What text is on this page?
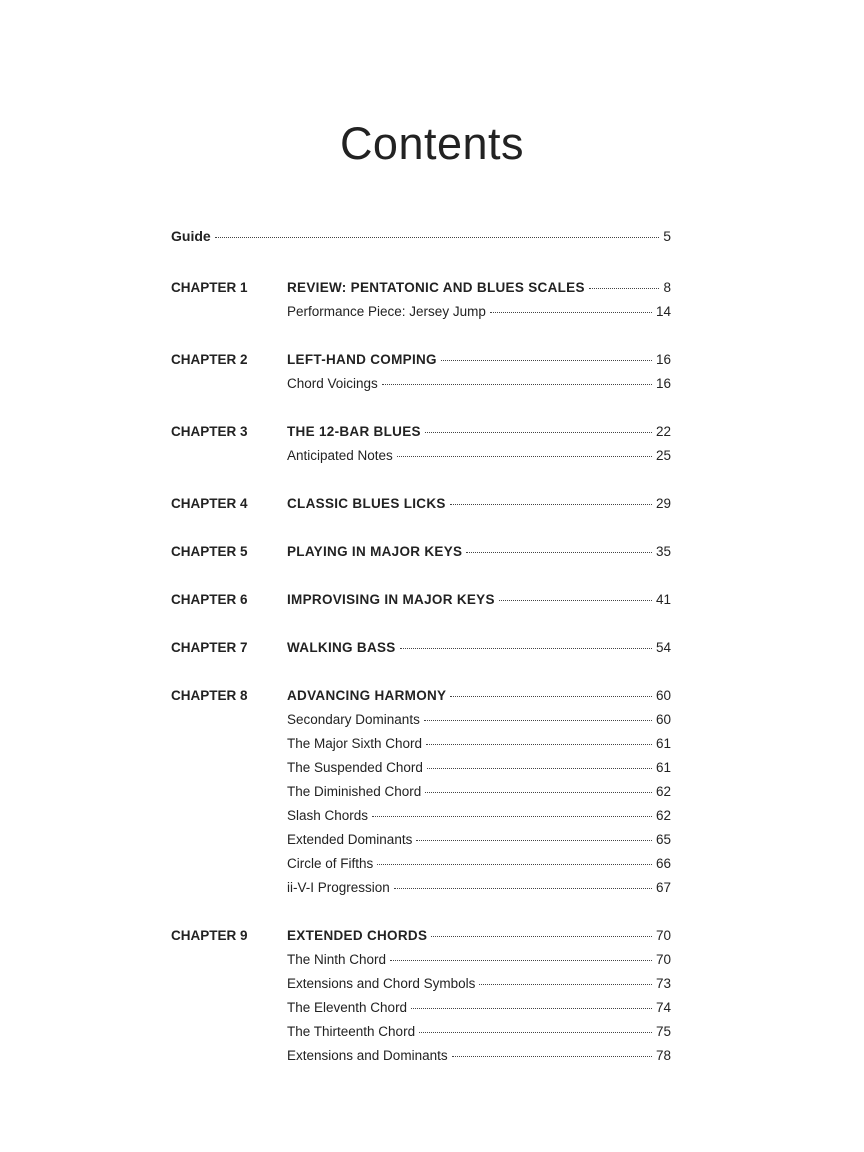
Contents
Guide	5
CHAPTER 1	REVIEW: PENTATONIC AND BLUES SCALES	8
Performance Piece: Jersey Jump	14
CHAPTER 2	LEFT-HAND COMPING	16
Chord Voicings	16
CHAPTER 3	THE 12-BAR BLUES	22
Anticipated Notes	25
CHAPTER 4	CLASSIC BLUES LICKS	29
CHAPTER 5	PLAYING IN MAJOR KEYS	35
CHAPTER 6	IMPROVISING IN MAJOR KEYS	41
CHAPTER 7	WALKING BASS	54
CHAPTER 8	ADVANCING HARMONY	60
Secondary Dominants	60
The Major Sixth Chord	61
The Suspended Chord	61
The Diminished Chord	62
Slash Chords	62
Extended Dominants	65
Circle of Fifths	66
ii-V-I Progression	67
CHAPTER 9	EXTENDED CHORDS	70
The Ninth Chord	70
Extensions and Chord Symbols	73
The Eleventh Chord	74
The Thirteenth Chord	75
Extensions and Dominants	78
